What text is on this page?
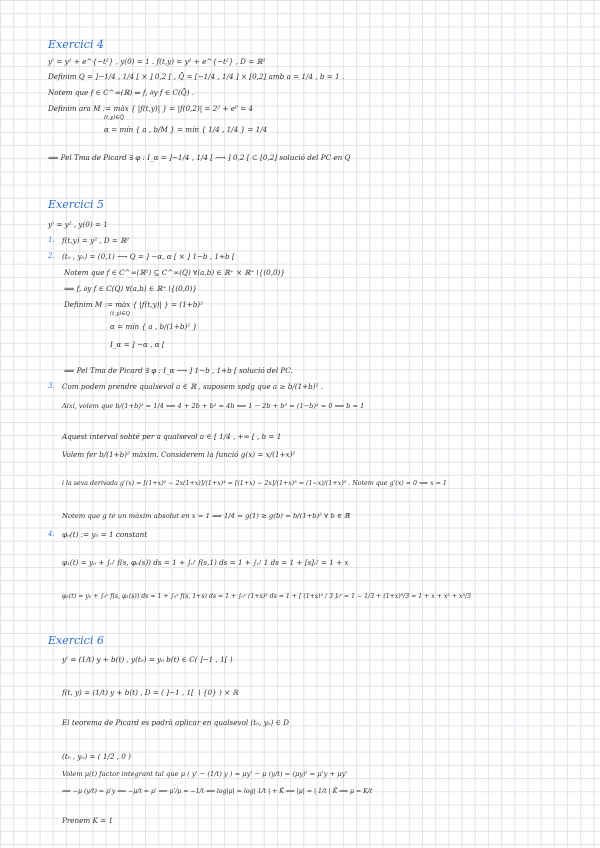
Exercici 4
y' = y² + e^{−t²} , y(0) = 1 . f(t,y) = y² + e^{−t²} , D = ℝ²
Definim Q = ]−1/4 , 1/4 [ × ] 0,2 [ , Q̄ = [−1/4 , 1/4 ] × [0,2] amb a = 1/4 , b = 1 .
Notem que f ∈ C^∞(ℝ) ⇒ f, ∂y f ∈ C(Q̄) .
Definim ara M := màx { |f(t,y)| } = |f(0,2)| = 2² + e⁰ = 4
(t,y)∈Q̄
α = mín { a , b/M } = mín { 1/4 , 1/4 } = 1/4
⟹ Pel Tma de Picard ∃ φ : I_α = ]−1/4 , 1/4 [ ⟶ ] 0,2 [ ⊂ [0,2] solució del PC en Q
Exercici 5
y' = y² , y(0) = 1
1. f(t,y) = y² , D = ℝ²
2. (t₀ , y₀) = (0,1) ⟶ Q = ] −α, α [ × ] 1−b , 1+b [
Notem que f ∈ C^∞(ℝ²) ⊆ C^∞(Q) ∀(a,b) ∈ ℝ⁺ × ℝ⁺∖{(0,0)}
⟹ f, ∂y f ∈ C(Q) ∀(a,b) ∈ ℝ⁺∖{(0,0)}
Definim M := màx { |f(t,y)| } = (1+b)²
(t,y)∈Q
α = mín { a , b/(1+b)² }
I_α = ] −α , α [
⟹ Pel Tma de Picard ∃ φ : I_α ⟶ ] 1−b , 1+b [ solució del PC.
3. Com podem prendre qualsevol a ∈ ℝ , suposem spdg que a ≥ b/(1+b)² .
Així, volem que b/(1+b)² = 1/4 ⟺ 4 + 2b + b² = 4b ⟺ 1 − 2b + b² = (1−b)² = 0 ⟺ b = 1
Aquest interval sobté per a qualsevol a ∈ [ 1/4 , +∞ [ , b = 1
Volem fer b/(1+b)² màxim. Considerem la funció g(x) = x/(1+x)²
i la seva derivada g'(x) = [(1+x)² − 2x(1+x)]/(1+x)⁴ = [(1+x) − 2x]/(1+x)³ = (1−x)/(1+x)³ . Notem que g'(x) = 0 ⟺ x = 1
Notem que g té un màxim absolut en x = 1 ⟹ 1/4 = g(1) ≥ g(b) = b/(1+b)² ∀ b ∈ ℝ
4. φ₀(t) := y₀ = 1 constant
φ₁(t) = y₀ + ∫₀ᵗ f(s, φ₀(s)) ds = 1 + ∫₀ᵗ f(s,1) ds = 1 + ∫₀ᵗ 1 ds = 1 + [s]₀ᵗ = 1 + x
φ₂(t) = y₀ + ∫₀ˣ f(s, φ₁(s)) ds = 1 + ∫₀ˣ f(s, 1+s) ds = 1 + ∫₀ˣ (1+s)² ds = 1 + [ (1+s)³ / 3 ]₀ˣ = 1 − 1/3 + (1+x)³/3 = 1 + x + x² + x³/3
Exercici 6
y' = (1/t) y + b(t) , y(t₀) = y₀ b(t) ∈ C( ]−1 , 1[ )
f(t, y) = (1/t) y + b(t) , D = ( ]−1 , 1[ ∖ {0} ) × ℝ
El teorema de Picard es podrà aplicar en qualsevol (t₀, y₀) ∈ D
(t₀ , y₀) = ( 1/2 , 0 )
Volem μ(t) factor integrant tal que μ ( y' − (1/t) y ) = μy' − μ (y/t) = (μy)' = μ'y + μy'
⟺ −μ (y/t) = μ'y ⟸ −μ/t = μ' ⟸ μ'/μ = −1/t ⟺ log|μ| = log| 1/t | + K̃ ⟺ |μ| = | 1/t | K̃ ⟹ μ = K/t
Prenem K = 1
